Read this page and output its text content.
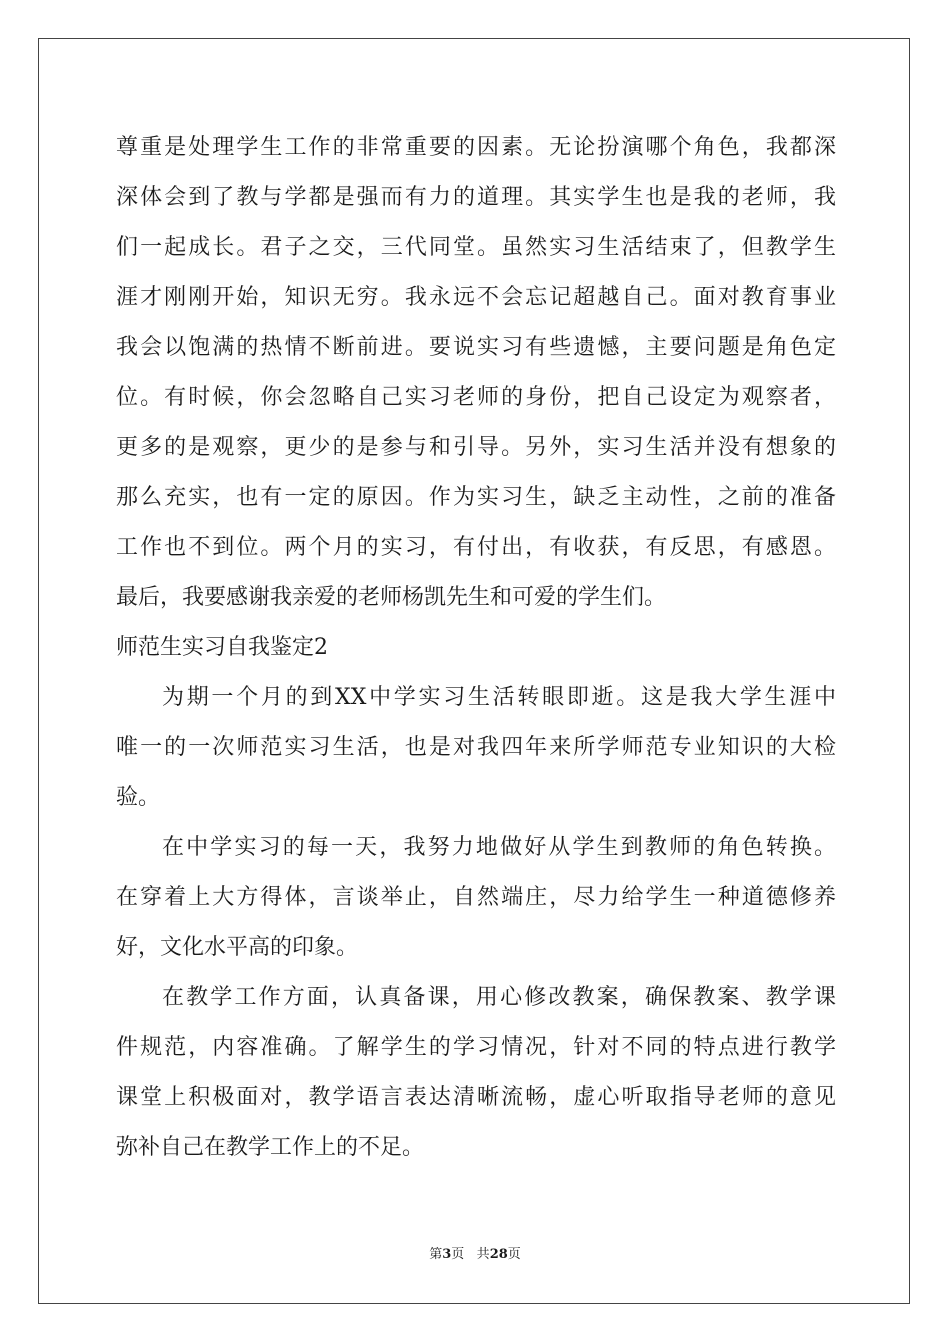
尊重是处理学生工作的非常重要的因素。无论扮演哪个角色，我都深
深体会到了教与学都是强而有力的道理。其实学生也是我的老师，我
们一起成长。君子之交，三代同堂。虽然实习生活结束了，但教学生
涯才刚刚开始，知识无穷。我永远不会忘记超越自己。面对教育事业
我会以饱满的热情不断前进。要说实习有些遗憾，主要问题是角色定
位。有时候，你会忽略自己实习老师的身份，把自己设定为观察者，
更多的是观察，更少的是参与和引导。另外，实习生活并没有想象的
那么充实，也有一定的原因。作为实习生，缺乏主动性，之前的准备
工作也不到位。两个月的实习，有付出，有收获，有反思，有感恩。
最后，我要感谢我亲爱的老师杨凯先生和可爱的学生们。
师范生实习自我鉴定2
为期一个月的到XX中学实习生活转眼即逝。这是我大学生涯中
唯一的一次师范实习生活，也是对我四年来所学师范专业知识的大检
验。
在中学实习的每一天，我努力地做好从学生到教师的角色转换。
在穿着上大方得体，言谈举止，自然端庄，尽力给学生一种道德修养
好，文化水平高的印象。
在教学工作方面，认真备课，用心修改教案，确保教案、教学课
件规范，内容准确。了解学生的学习情况，针对不同的特点进行教学
课堂上积极面对，教学语言表达清晰流畅，虚心听取指导老师的意见
弥补自己在教学工作上的不足。
第3页 共28页
